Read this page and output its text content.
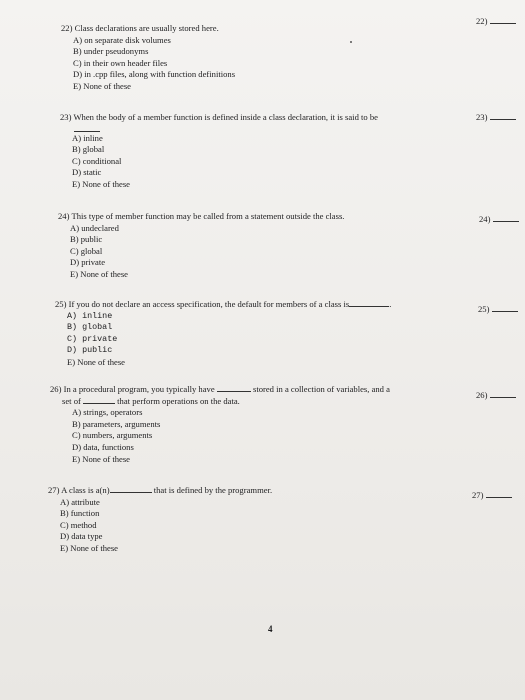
22)
22) Class declarations are usually stored here.
A) on separate disk volumes
B) under pseudonyms
C) in their own header files
D) in .cpp files, along with function definitions
E) None of these
23)
23) When the body of a member function is defined inside a class declaration, it is said to be
A) inline
B) global
C) conditional
D) static
E) None of these
24)
24) This type of member function may be called from a statement outside the class.
A) undeclared
B) public
C) global
D) private
E) None of these
25)
25) If you do not declare an access specification, the default for members of a class is	.
A) inline
B) global
C) private
D) public
E) None of these
26)
26) In a procedural program, you typically have	stored in a collection of variables, and a
set of	that perform operations on the data.
A) strings, operators
B) parameters, arguments
C) numbers, arguments
D) data, functions
E) None of these
27)
27) A class is a(n)	that is defined by the programmer.
A) attribute
B) function
C) method
D) data type
E) None of these
4
